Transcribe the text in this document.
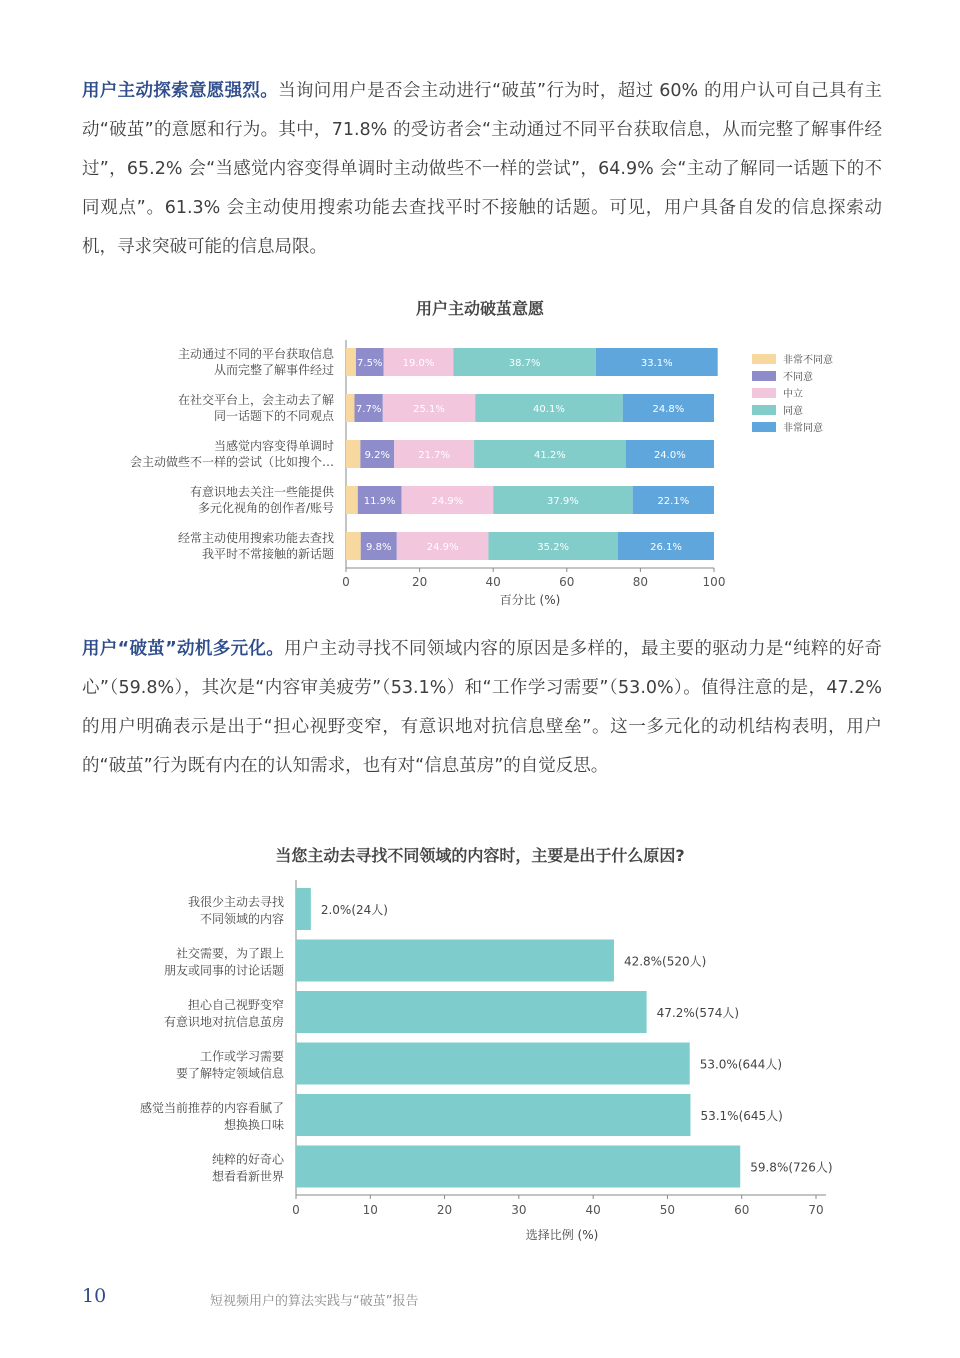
用户主动探索意愿强烈。当询问用户是否会主动进行“破茧”行为时，超过 60% 的用户认可自己具有主动“破茧”的意愿和行为。其中，71.8% 的受访者会“主动通过不同平台获取信息，从而完整了解事件经过”，65.2% 会“当感觉内容变得单调时主动做些不一样的尝试”，64.9% 会“主动了解同一话题下的不同观点”。61.3% 会主动使用搜索功能去查找平时不接触的话题。可见，用户具备自发的信息探索动机，寻求突破可能的信息局限。
用户主动破茧意愿
0	20	40	60	80	100
百分比 (%)
主动通过不同的平台获取信息
从而完整了解事件经过 7.5% 19.0%	38.7%	33.1%
在社交平台上，会主动去了解
同一话题下的不同观点 7.7%	25.1%	40.1%	24.8%
当感觉内容变得单调时
会主动做些不一样的尝试（比如搜个…	9.2%	21.7%	41.2%	24.0%
有意识地去关注一些能提供
多元化视角的创作者/账号	11.9%	24.9%	37.9%	22.1%
经常主动使用搜索功能去查找
我平时不常接触的新话题	9.8%	24.9%	35.2%	26.1%
非常不同意
不同意
中立
同意
非常同意
用户“破茧”动机多元化。用户主动寻找不同领域内容的原因是多样的，最主要的驱动力是“纯粹的好奇心”（59.8%），其次是“内容审美疲劳”（53.1%）和“工作学习需要”（53.0%）。值得注意的是，47.2% 的用户明确表示是出于“担心视野变窄，有意识地对抗信息壁垒”。这一多元化的动机结构表明，用户的“破茧”行为既有内在的认知需求，也有对“信息茧房”的自觉反思。
当您主动去寻找不同领域的内容时，主要是出于什么原因?
0	10	20	30	40	50	60	70
选择比例 (%)
我很少主动去寻找
不同领域的内容
2.0%(24人)
社交需要，为了跟上
朋友或同事的讨论话题
42.8%(520人)
担心自己视野变窄
有意识地对抗信息茧房
47.2%(574人)
工作或学习需要
要了解特定领域信息
53.0%(644人)
感觉当前推荐的内容看腻了
想换换口味
53.1%(645人)
纯粹的好奇心
想看看新世界
59.8%(726人)
10	短视频用户的算法实践与“破茧”报告
